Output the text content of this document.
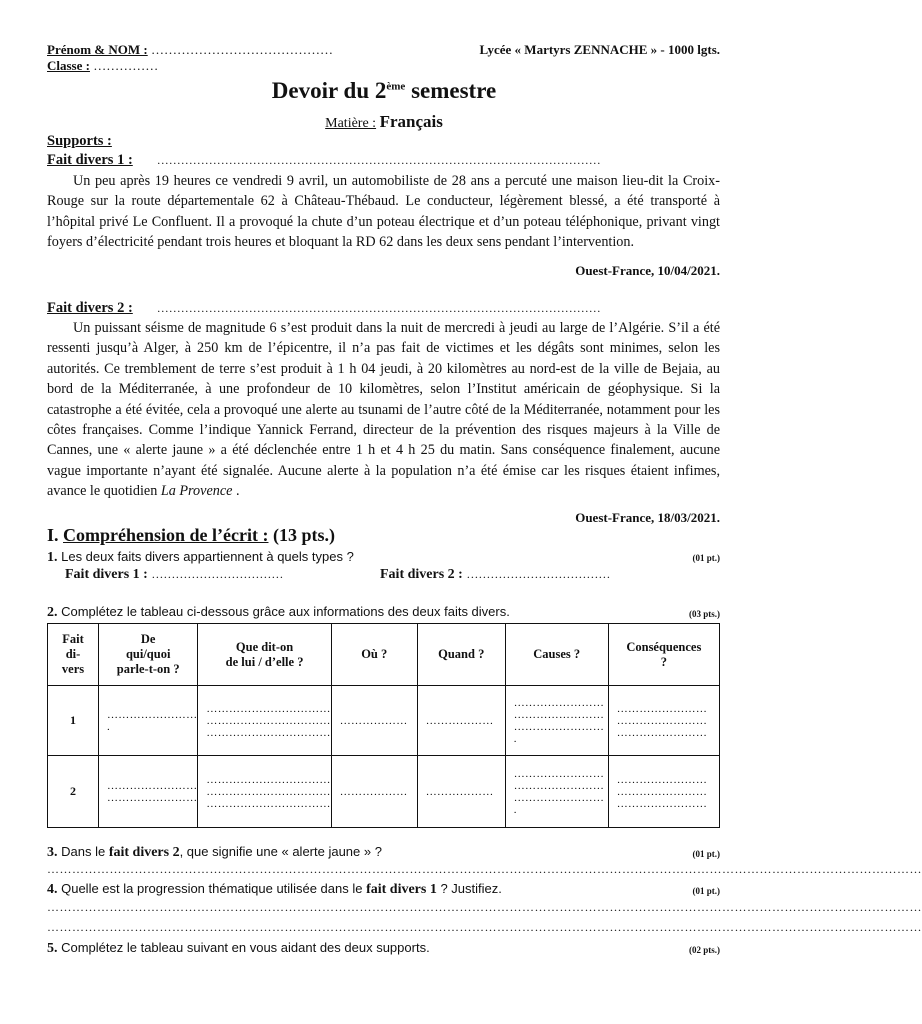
Prénom & NOM : ……………………………………
Classe : ……………
Lycée « Martyrs ZENNACHE » - 1000 lgts.
Devoir du 2ème semestre
Matière : Français
Supports :
Fait divers 1 : …………………………………………………………………………………………………
Un peu après 19 heures ce vendredi 9 avril, un automobiliste de 28 ans a percuté une maison lieu-dit la Croix-Rouge sur la route départementale 62 à Château-Thébaud. Le conducteur, légèrement blessé, a été transporté à l’hôpital privé Le Confluent. Il a provoqué la chute d’un poteau électrique et d’un poteau téléphonique, privant vingt foyers d’électricité pendant trois heures et bloquant la RD 62 dans les deux sens pendant l’intervention.
Ouest-France, 10/04/2021.
Fait divers 2 : …………………………………………………………………………………………………
Un puissant séisme de magnitude 6 s’est produit dans la nuit de mercredi à jeudi au large de l’Algérie. S’il a été ressenti jusqu’à Alger, à 250 km de l’épicentre, il n’a pas fait de victimes et les dégâts sont minimes, selon les autorités. Ce tremblement de terre s’est produit à 1 h 04 jeudi, à 20 kilomètres au nord-est de la ville de Bejaia, au bord de la Méditerranée, à une profondeur de 10 kilomètres, selon l’Institut américain de géophysique. Si la catastrophe a été évitée, cela a provoqué une alerte au tsunami de l’autre côté de la Méditerranée, notamment pour les côtes françaises. Comme l’indique Yannick Ferrand, directeur de la prévention des risques majeurs à la Ville de Cannes, une « alerte jaune » a été déclenchée entre 1 h et 4 h 25 du matin. Sans conséquence finalement, aucune vague importante n’ayant été signalée. Aucune alerte à la population n’a été émise car les risques étaient infimes, avance le quotidien La Provence .
Ouest-France, 18/03/2021.
I. Compréhension de l’écrit : (13 pts.)
1. Les deux faits divers appartiennent à quels types ?	(01 pt.)
Fait divers 1 : ……………………………	Fait divers 2 : ………………………………
2. Complétez le tableau ci-dessous grâce aux informations des deux faits divers.	(03 pts.)
Fait
di-
vers	De
qui/quoi
parle-t-on ?	Que dit-on
de lui / d’elle ?	Où ?	Quand ?	Causes ?	Conséquences
?
1	……………………
.	……………………………
……………………………
……………………………	………………	………………	……………………
……………………
……………………
.	……………………
……………………
……………………
2	……………………
……………………	……………………………
……………………………
……………………………	………………	………………	……………………
……………………
……………………
.	……………………
……………………
……………………
3. Dans le fait divers 2, que signifie une « alerte jaune » ?	(01 pt.)
…………………………………………………………………………………………………………………………………………………………………………………………
4. Quelle est la progression thématique utilisée dans le fait divers 1 ? Justifiez.	(01 pt.)
…………………………………………………………………………………………………………………………………………………………………………………………
…………………………………………………………………………………………………………………………………………………………………………………………
5. Complétez le tableau suivant en vous aidant des deux supports.	(02 pts.)
